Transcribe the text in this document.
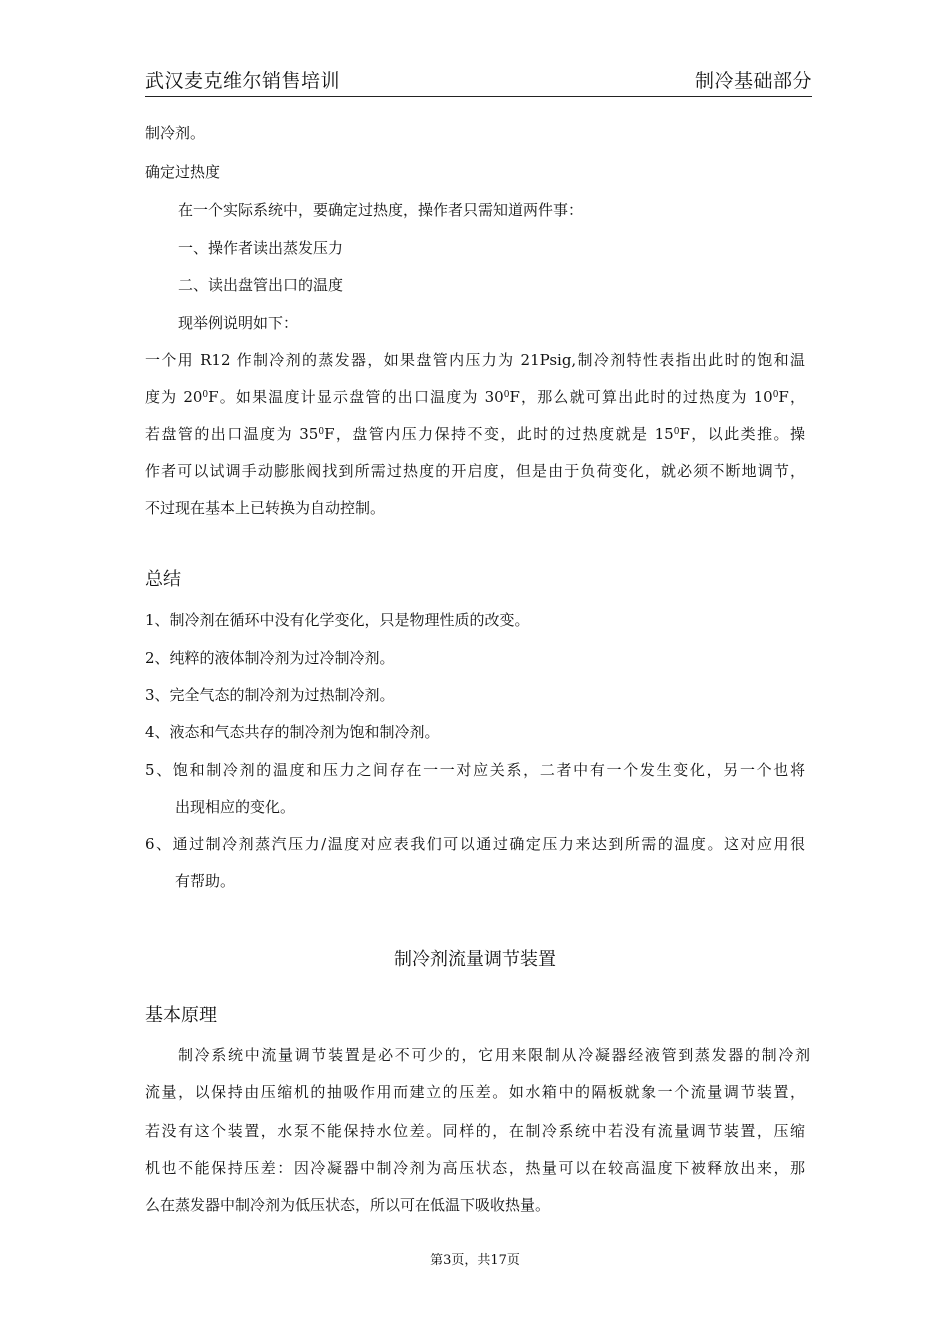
武汉麦克维尔销售培训	制冷基础部分
制冷剂。
确定过热度
在一个实际系统中，要确定过热度，操作者只需知道两件事：
一、操作者读出蒸发压力
二、读出盘管出口的温度
现举例说明如下：
一个用 R12 作制冷剂的蒸发器，如果盘管内压力为 21Psig,制冷剂特性表指出此时的饱和温
度为 $20^0F$。如果温度计显示盘管的出口温度为 $30^0F$，那么就可算出此时的过热度为 $10^0F$，
若盘管的出口温度为 $35^0F$，盘管内压力保持不变，此时的过热度就是 $15^0F$，以此类推。操
作者可以试调手动膨胀阀找到所需过热度的开启度，但是由于负荷变化，就必须不断地调节，
不过现在基本上已转换为自动控制。
总结
1、制冷剂在循环中没有化学变化，只是物理性质的改变。
2、纯粹的液体制冷剂为过冷制冷剂。
3、完全气态的制冷剂为过热制冷剂。
4、液态和气态共存的制冷剂为饱和制冷剂。
5、饱和制冷剂的温度和压力之间存在一一对应关系，二者中有一个发生变化，另一个也将
出现相应的变化。
6、通过制冷剂蒸汽压力/温度对应表我们可以通过确定压力来达到所需的温度。这对应用很
有帮助。
制冷剂流量调节装置
基本原理
制冷系统中流量调节装置是必不可少的，它用来限制从冷凝器经液管到蒸发器的制冷剂
流量，以保持由压缩机的抽吸作用而建立的压差。如水箱中的隔板就象一个流量调节装置，
若没有这个装置，水泵不能保持水位差。同样的，在制冷系统中若没有流量调节装置，压缩
机也不能保持压差：因冷凝器中制冷剂为高压状态，热量可以在较高温度下被释放出来，那
么在蒸发器中制冷剂为低压状态，所以可在低温下吸收热量。
第3页，共17页
